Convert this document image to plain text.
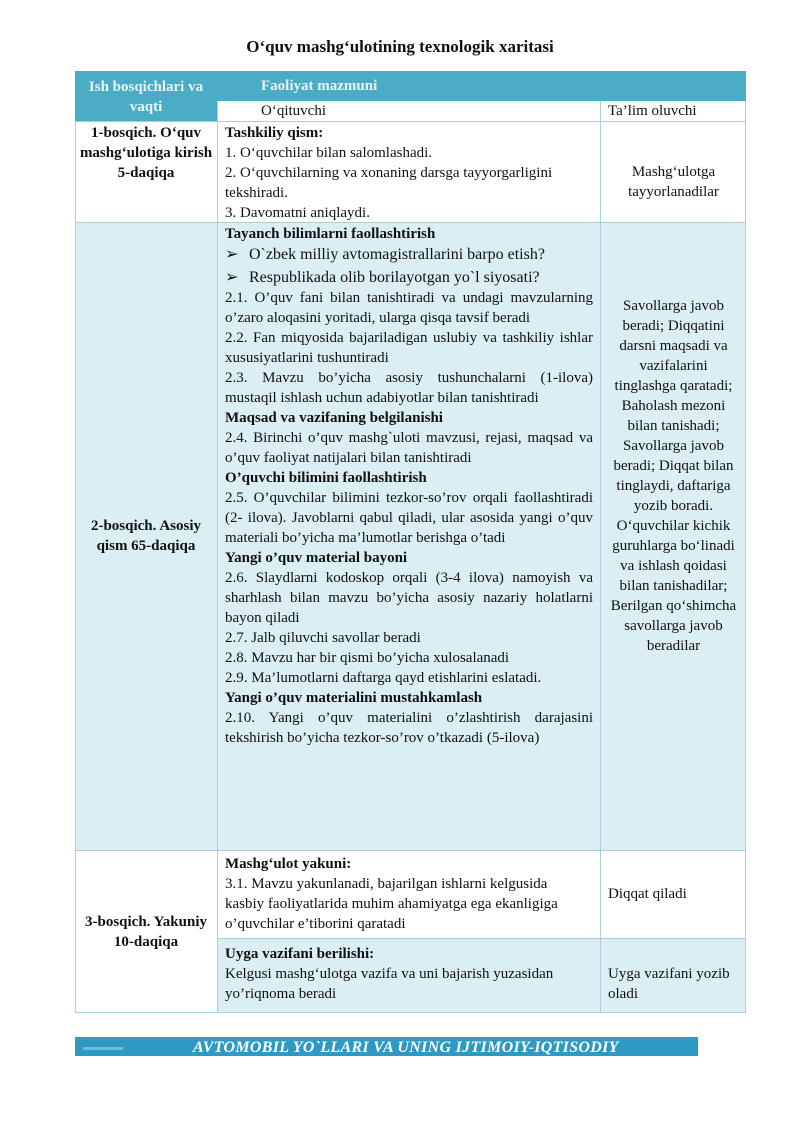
O‘quv mashg‘ulotining texnologik xaritasi
Ish bosqichlari va vaqti
Faoliyat mazmuni
O‘qituvchi	Ta’lim oluvchi
1-bosqich. O‘quv mashg‘ulotiga kirish 5-daqiqa
Tashkiliy qism:
1. O‘quvchilar bilan salomlashadi.
2. O‘quvchilarning va xonaning darsga tayyorgarligini tekshiradi.
3. Davomatni aniqlaydi.
Mashg‘ulotga tayyorlanadilar
2-bosqich. Asosiy qism 65-daqiqa
Tayanch bilimlarni faollashtirish
➢ O`zbek milliy avtomagistrallarini barpo etish?
➢ Respublikada olib borilayotgan yo`l siyosati?
2.1. O’quv fani bilan tanishtiradi va undagi mavzularning o’zaro aloqasini yoritadi, ularga qisqa tavsif beradi
2.2. Fan miqyosida bajariladigan uslubiy va tashkiliy ishlar xususiyatlarini tushuntiradi
2.3. Mavzu bo’yicha asosiy tushunchalarni (1-ilova) mustaqil ishlash uchun adabiyotlar bilan tanishtiradi
Maqsad va vazifaning belgilanishi
2.4. Birinchi o’quv mashg`uloti mavzusi, rejasi, maqsad va o’quv faoliyat natijalari bilan tanishtiradi
O’quvchi bilimini faollashtirish
2.5. O’quvchilar bilimini tezkor-so’rov orqali faollashtiradi (2- ilova). Javoblarni qabul qiladi, ular asosida yangi o’quv materiali bo’yicha ma’lumotlar berishga o’tadi
Yangi o’quv material bayoni
2.6. Slaydlarni kodoskop orqali (3-4 ilova) namoyish va sharhlash bilan mavzu bo’yicha asosiy nazariy holatlarni bayon qiladi
2.7. Jalb qiluvchi savollar beradi
2.8. Mavzu har bir qismi bo’yicha xulosalanadi
2.9. Ma’lumotlarni daftarga qayd etishlarini eslatadi.
Yangi o’quv materialini mustahkamlash
2.10. Yangi o’quv materialini o’zlashtirish darajasini tekshirish bo’yicha tezkor-so’rov o’tkazadi (5-ilova)
Savollarga javob beradi; Diqqatini darsni maqsadi va vazifalarini tinglashga qaratadi; Baholash mezoni bilan tanishadi; Savollarga javob beradi; Diqqat bilan tinglaydi, daftariga yozib boradi. O‘quvchilar kichik guruhlarga bo‘linadi va ishlash qoidasi bilan tanishadilar; Berilgan qo‘shimcha savollarga javob beradilar
3-bosqich. Yakuniy 10-daqiqa
Mashg‘ulot yakuni:
3.1. Mavzu yakunlanadi, bajarilgan ishlarni kelgusida kasbiy faoliyatlarida muhim ahamiyatga ega ekanligiga o’quvchilar e’tiborini qaratadi
Diqqat qiladi
Uyga vazifani berilishi:
Kelgusi mashg‘ulotga vazifa va uni bajarish yuzasidan yo’riqnoma beradi
Uyga vazifani yozib oladi
AVTOMOBIL YO`LLARI VA UNING IJTIMOIY-IQTISODIY
